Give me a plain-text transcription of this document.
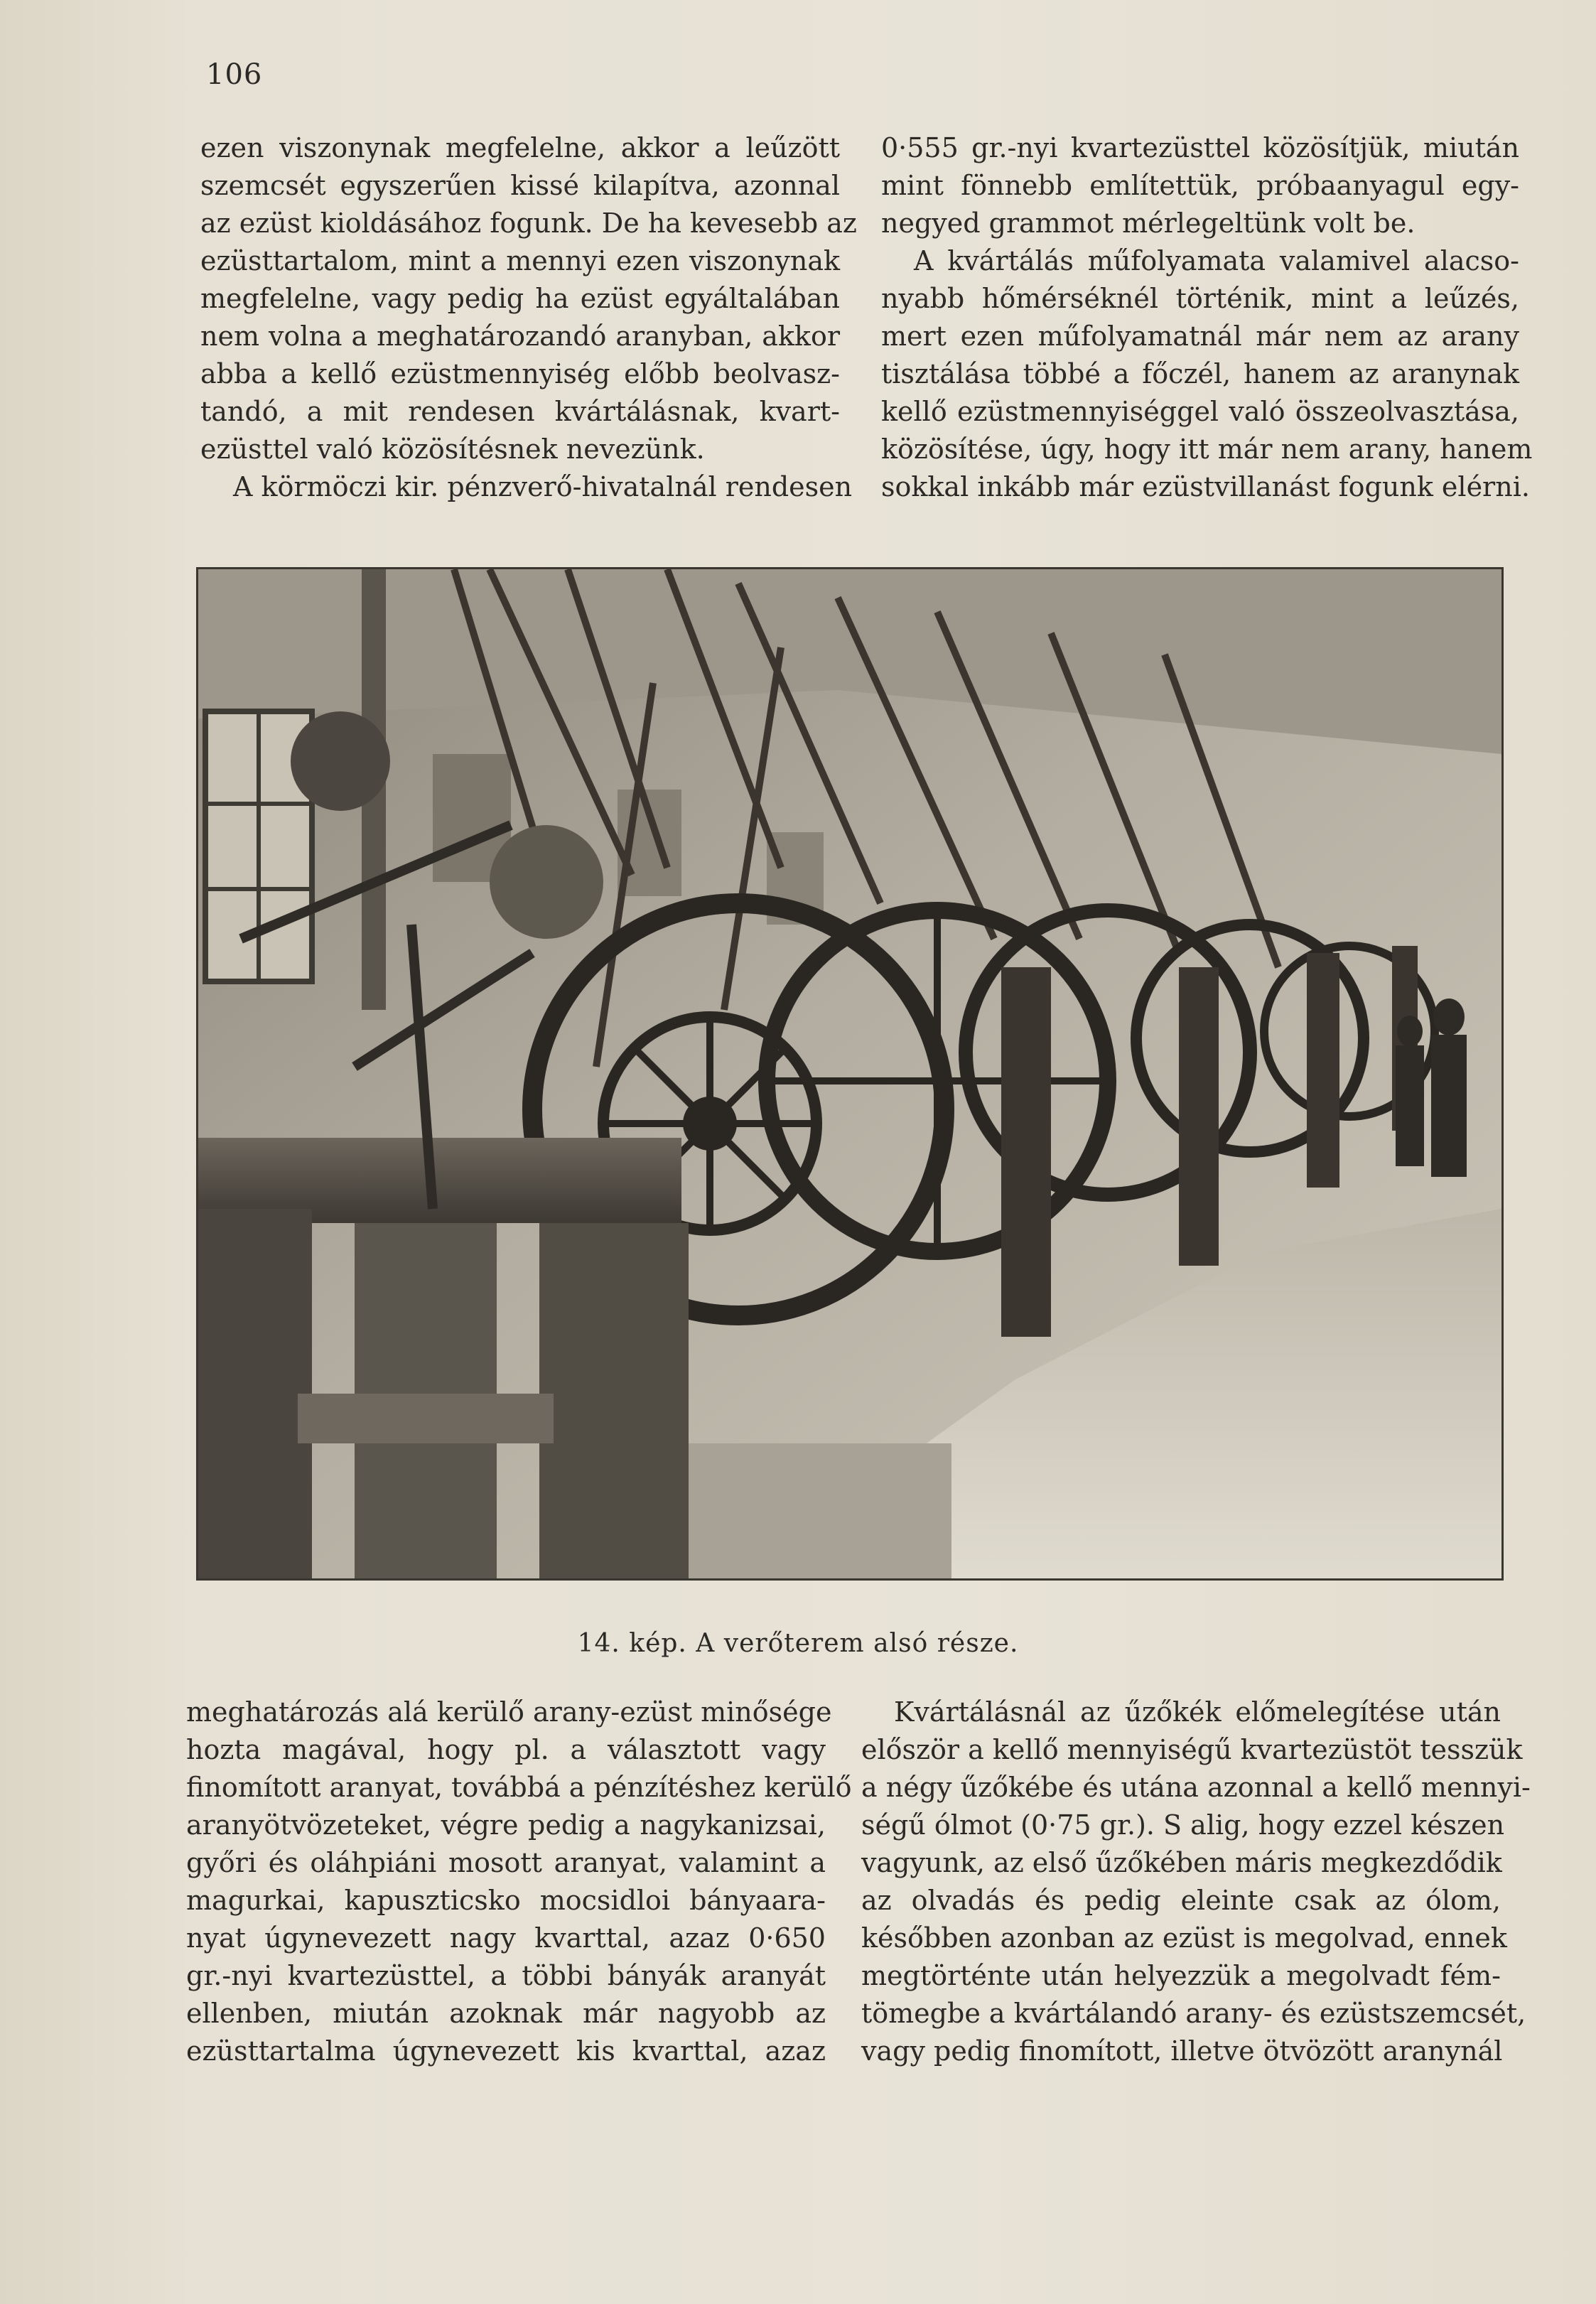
106
ezen viszonynak megfelelne, akkor a leűzött
szemcsét egyszerűen kissé kilapítva, azonnal
az ezüst kioldásához fogunk. De ha kevesebb az
ezüsttartalom, mint a mennyi ezen viszonynak
megfelelne, vagy pedig ha ezüst egyáltalában
nem volna a meghatározandó aranyban, akkor
abba a kellő ezüstmennyiség előbb beolvasz-
tandó, a mit rendesen kvártálásnak, kvart-
ezüsttel való közösítésnek nevezünk.
A körmöczi kir. pénzverő-hivatalnál rendesen
0·555 gr.-nyi kvartezüsttel közösítjük, miután
mint fönnebb említettük, próbaanyagul egy-
negyed grammot mérlegeltünk volt be.
A kvártálás műfolyamata valamivel alacso-
nyabb hőmérséknél történik, mint a leűzés,
mert ezen műfolyamatnál már nem az arany
tisztálása többé a főczél, hanem az aranynak
kellő ezüstmennyiséggel való összeolvasztása,
közösítése, úgy, hogy itt már nem arany, hanem
sokkal inkább már ezüstvillanást fogunk elérni.
14. kép. A verőterem alsó része.
meghatározás alá kerülő arany-ezüst minősége
hozta magával, hogy pl. a választott vagy
finomított aranyat, továbbá a pénzítéshez kerülő
aranyötvözeteket, végre pedig a nagykanizsai,
győri és oláhpiáni mosott aranyat, valamint a
magurkai, kapuszticsko mocsidloi bányaara-
nyat úgynevezett nagy kvarttal, azaz 0·650
gr.-nyi kvartezüsttel, a többi bányák aranyát
ellenben, miután azoknak már nagyobb az
ezüsttartalma úgynevezett kis kvarttal, azaz
Kvártálásnál az űzőkék előmelegítése után
először a kellő mennyiségű kvartezüstöt tesszük
a négy űzőkébe és utána azonnal a kellő mennyi-
ségű ólmot (0·75 gr.). S alig, hogy ezzel készen
vagyunk, az első űzőkében máris megkezdődik
az olvadás és pedig eleinte csak az ólom,
későbben azonban az ezüst is megolvad, ennek
megtörténte után helyezzük a megolvadt fém-
tömegbe a kvártálandó arany- és ezüstszemcsét,
vagy pedig finomított, illetve ötvözött aranynál
